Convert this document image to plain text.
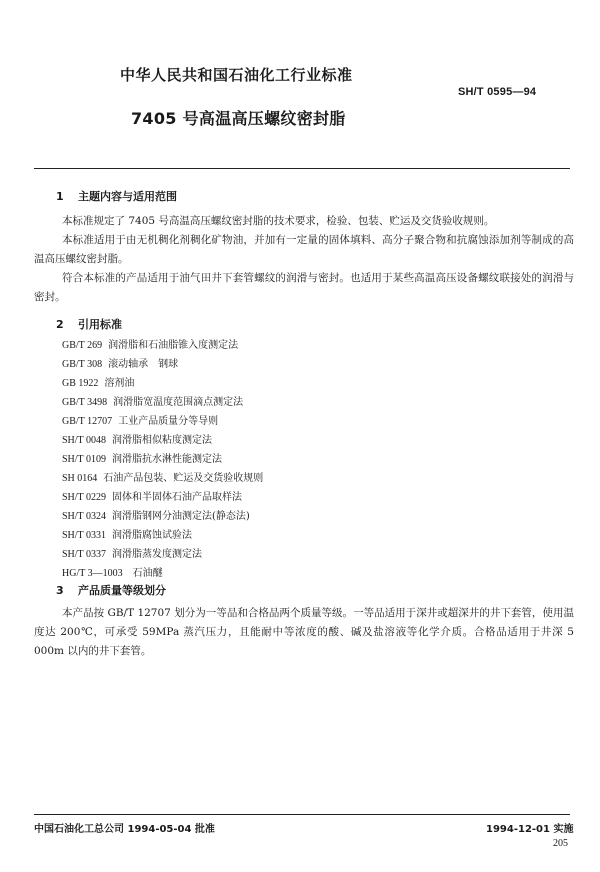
中华人民共和国石油化工行业标准
SH/T 0595—94
7405 号高温高压螺纹密封脂
1 主题内容与适用范围
本标准规定了 7405 号高温高压螺纹密封脂的技术要求，检验、包装、贮运及交货验收规则。
本标准适用于由无机稠化剂稠化矿物油，并加有一定量的固体填料、高分子聚合物和抗腐蚀添加剂等制成的高温高压螺纹密封脂。
符合本标准的产品适用于油气田井下套管螺纹的润滑与密封。也适用于某些高温高压设备螺纹联接处的润滑与密封。
2 引用标准
GB/T 269 润滑脂和石油脂锥入度测定法
GB/T 308 滚动轴承　钢球
GB 1922 溶剂油
GB/T 3498 润滑脂宽温度范围滴点测定法
GB/T 12707 工业产品质量分等导则
SH/T 0048 润滑脂相似粘度测定法
SH/T 0109 润滑脂抗水淋性能测定法
SH 0164 石油产品包装、贮运及交货验收规则
SH/T 0229 固体和半固体石油产品取样法
SH/T 0324 润滑脂钢网分油测定法(静态法)
SH/T 0331 润滑脂腐蚀试验法
SH/T 0337 润滑脂蒸发度测定法
HG/T 3—1003 石油醚
3 产品质量等级划分
本产品按 GB/T 12707 划分为一等品和合格品两个质量等级。一等品适用于深井或超深井的井下套管，使用温度达 200℃，可承受 59MPa 蒸汽压力，且能耐中等浓度的酸、碱及盐溶液等化学介质。合格品适用于井深 5 000m 以内的井下套管。
中国石油化工总公司 1994-05-04 批准	1994-12-01 实施
205
